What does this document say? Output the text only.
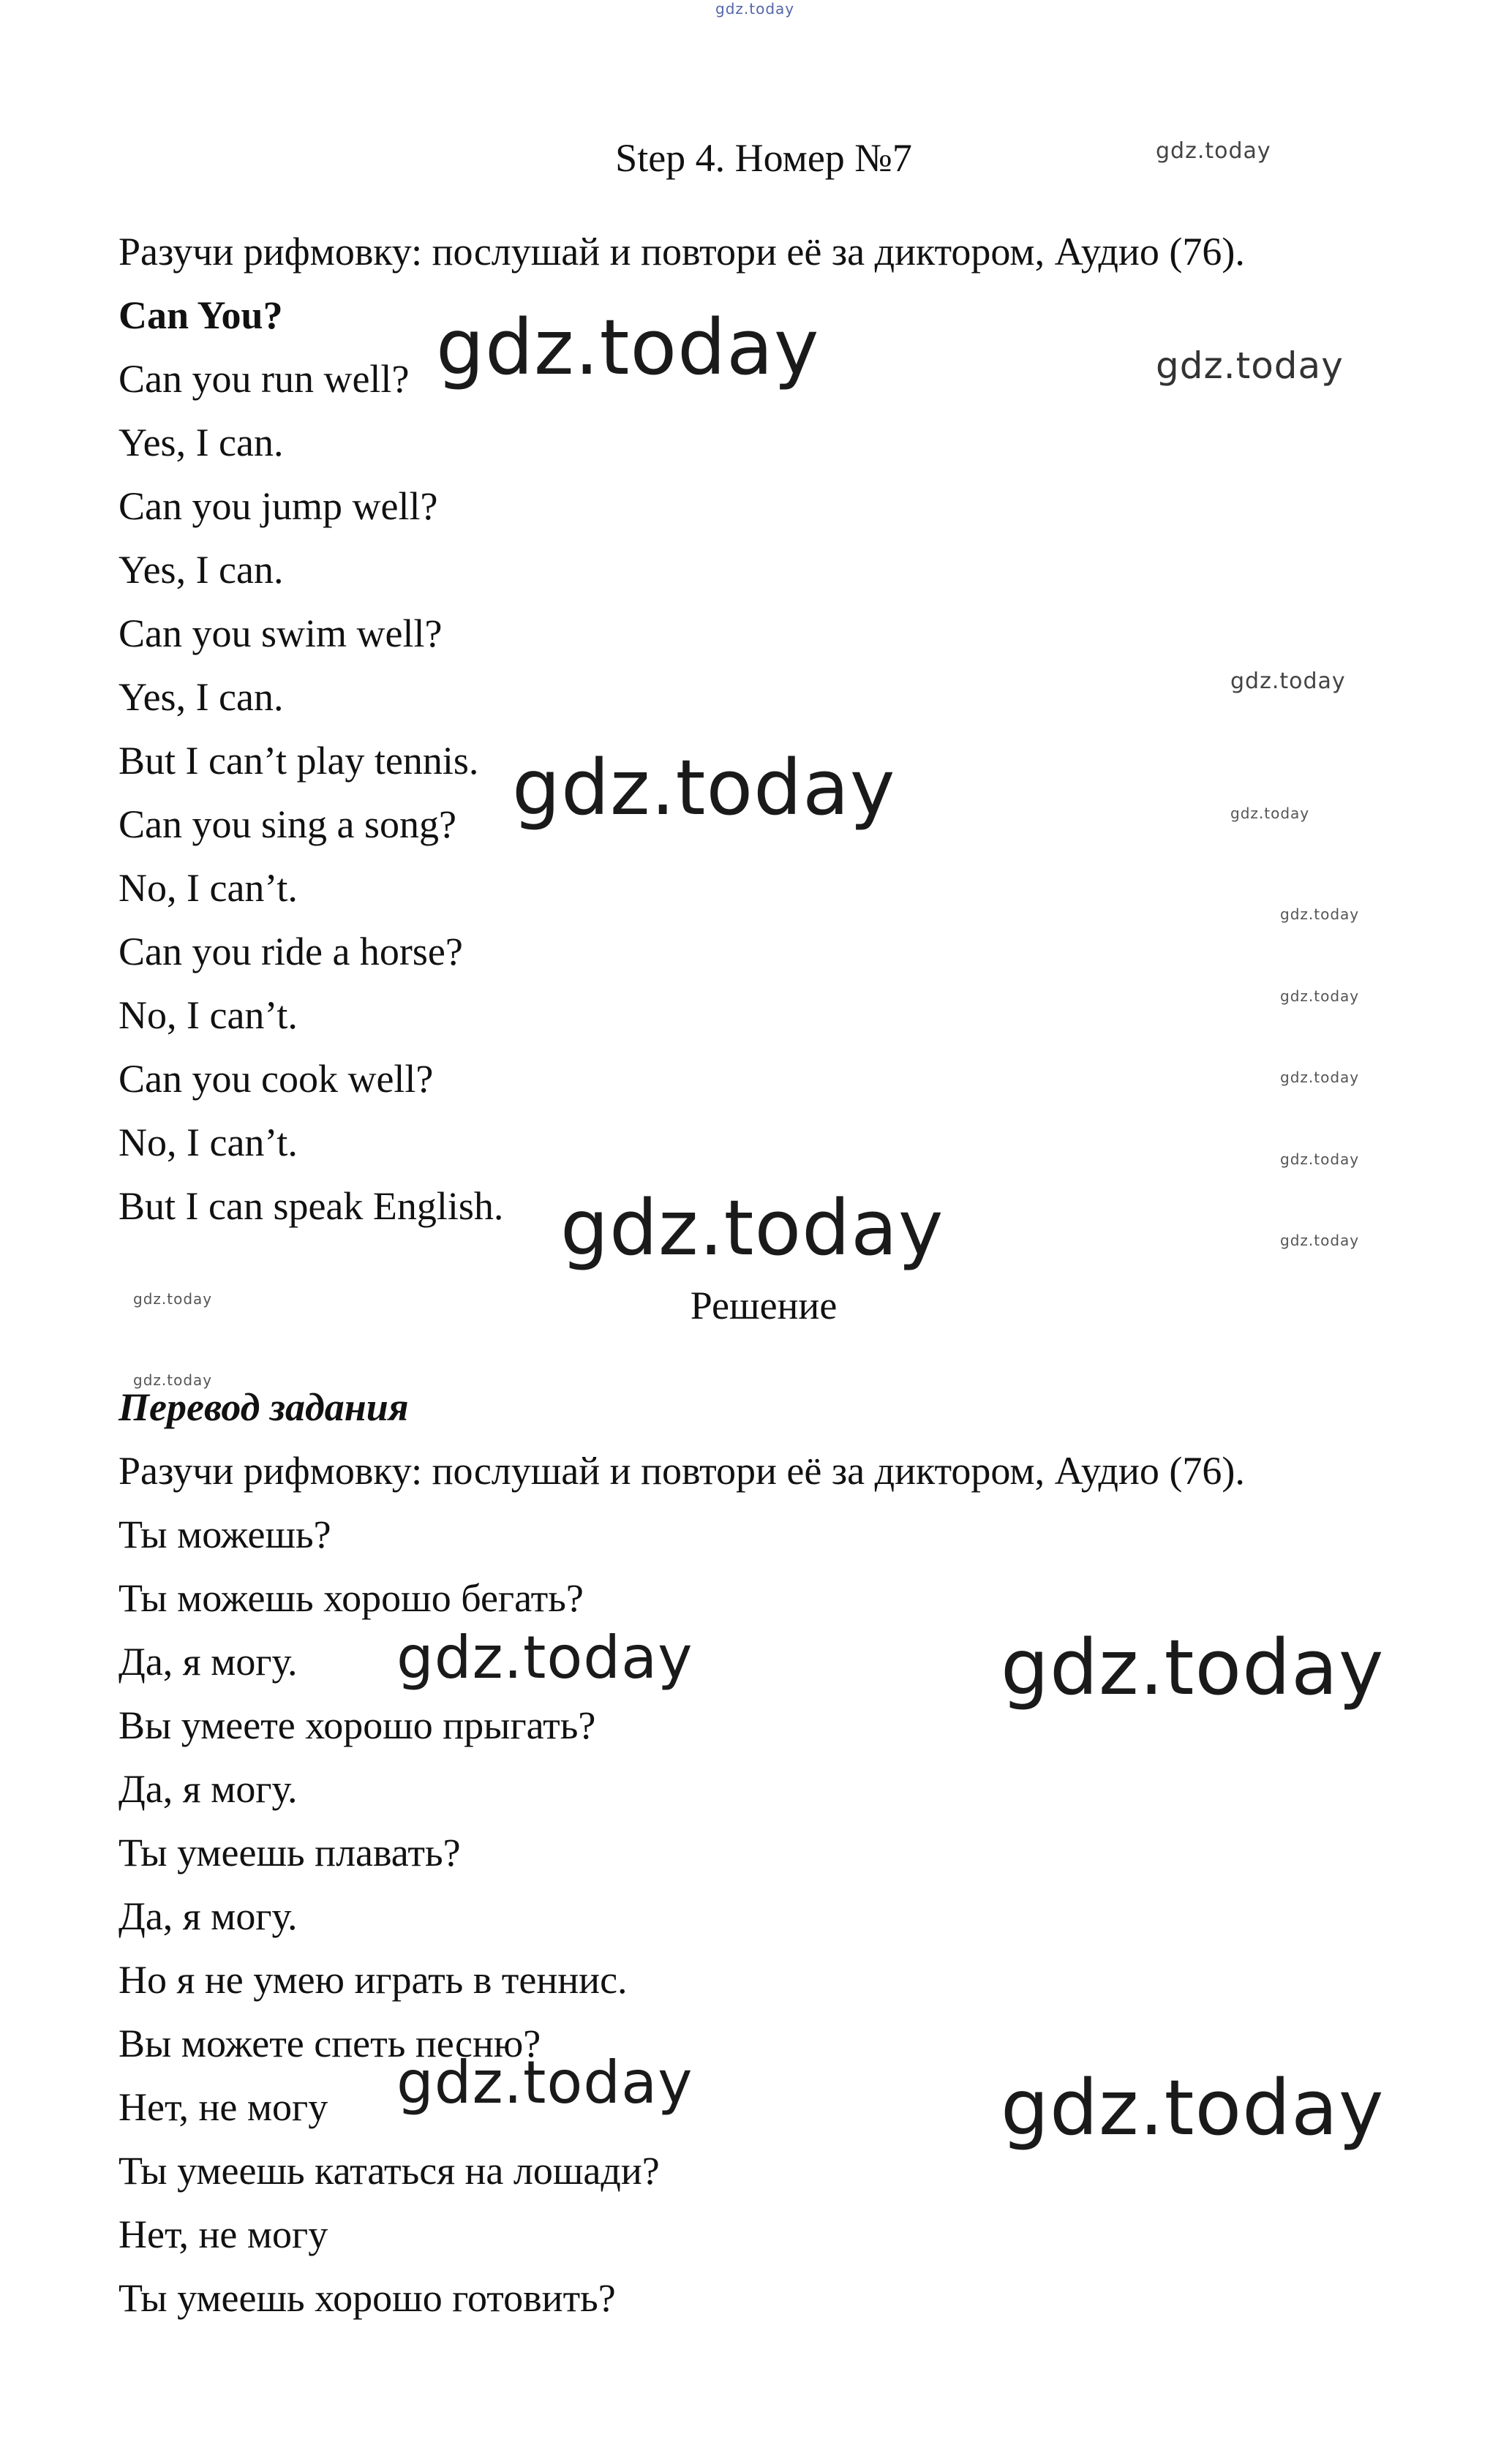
gdz.today
Step 4. Номер №7
Разучи рифмовку: послушай и повтори её за диктором, Аудио (76).
Can You?
Can you run well?
Yes, I can.
Can you jump well?
Yes, I can.
Can you swim well?
Yes, I can.
But I can’t play tennis.
Can you sing a song?
No, I can’t.
Can you ride a horse?
No, I can’t.
Can you cook well?
No, I can’t.
But I can speak English.
Решение
Перевод задания
Разучи рифмовку: послушай и повтори её за диктором, Аудио (76).
Ты можешь?
Ты можешь хорошо бегать?
Да, я могу.
Вы умеете хорошо прыгать?
Да, я могу.
Ты умеешь плавать?
Да, я могу.
Но я не умею играть в теннис.
Вы можете спеть песню?
Нет, не могу
Ты умеешь кататься на лошади?
Нет, не могу
Ты умеешь хорошо готовить?
gdz.today	gdz.today
gdz.today
gdz.today
gdz.today	gdz.today
gdz.today
gdz.today
gdz.today
gdz.today
gdz.today
gdz.today
gdz.today
gdz.today
gdz.today	gdz.today
gdz.today	gdz.today
